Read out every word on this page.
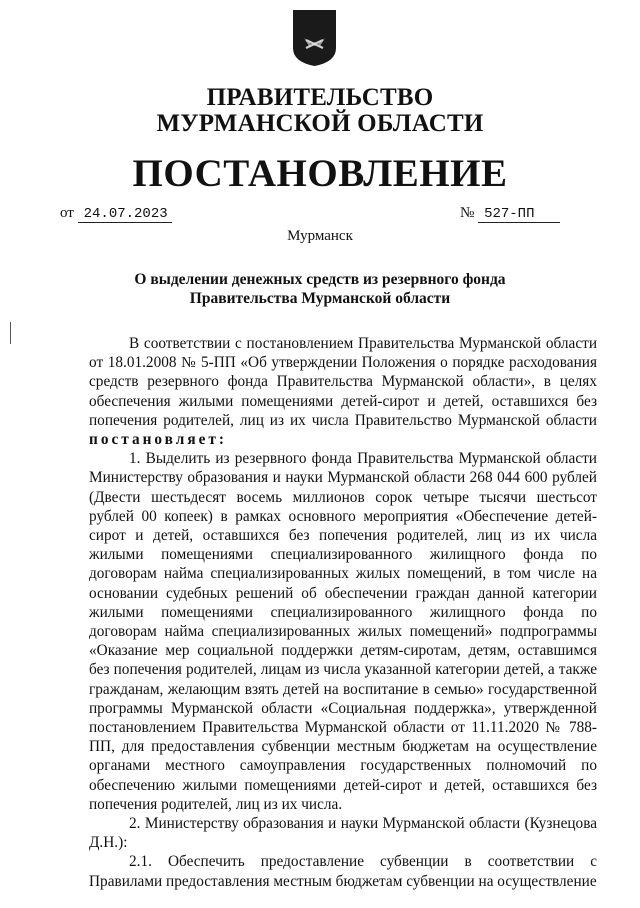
ПРАВИТЕЛЬСТВО
МУРМАНСКОЙ ОБЛАСТИ
ПОСТАНОВЛЕНИЕ
от 24.07.2023	№ 527-ПП
Мурманск
О выделении денежных средств из резервного фонда
Правительства Мурманской области

В соответствии с постановлением Правительства Мурманской области от 18.01.2008 № 5-ПП «Об утверждении Положения о порядке расходования средств резервного фонда Правительства Мурманской области», в целях обеспечения жилыми помещениями детей-сирот и детей, оставшихся без попечения родителей, лиц из их числа Правительство Мурманской области постановляет:

1. Выделить из резервного фонда Правительства Мурманской области Министерству образования и науки Мурманской области 268 044 600 рублей (Двести шестьдесят восемь миллионов сорок четыре тысячи шестьсот рублей 00 копеек) в рамках основного мероприятия «Обеспечение детей-сирот и детей, оставшихся без попечения родителей, лиц из их числа жилыми помещениями специализированного жилищного фонда по договорам найма специализированных жилых помещений, в том числе на основании судебных решений об обеспечении граждан данной категории жилыми помещениями специализированного жилищного фонда по договорам найма специализированных жилых помещений» подпрограммы «Оказание мер социальной поддержки детям-сиротам, детям, оставшимся без попечения родителей, лицам из числа указанной категории детей, а также гражданам, желающим взять детей на воспитание в семью» государственной программы Мурманской области «Социальная поддержка», утвержденной постановлением Правительства Мурманской области от 11.11.2020 № 788-ПП, для предоставления субвенции местным бюджетам на осуществление органами местного самоуправления государственных полномочий по обеспечению жилыми помещениями детей-сирот и детей, оставшихся без попечения родителей, лиц из их числа.

2. Министерству образования и науки Мурманской области (Кузнецова Д.Н.):

2.1. Обеспечить предоставление субвенции в соответствии с Правилами предоставления местным бюджетам субвенции на осуществление
